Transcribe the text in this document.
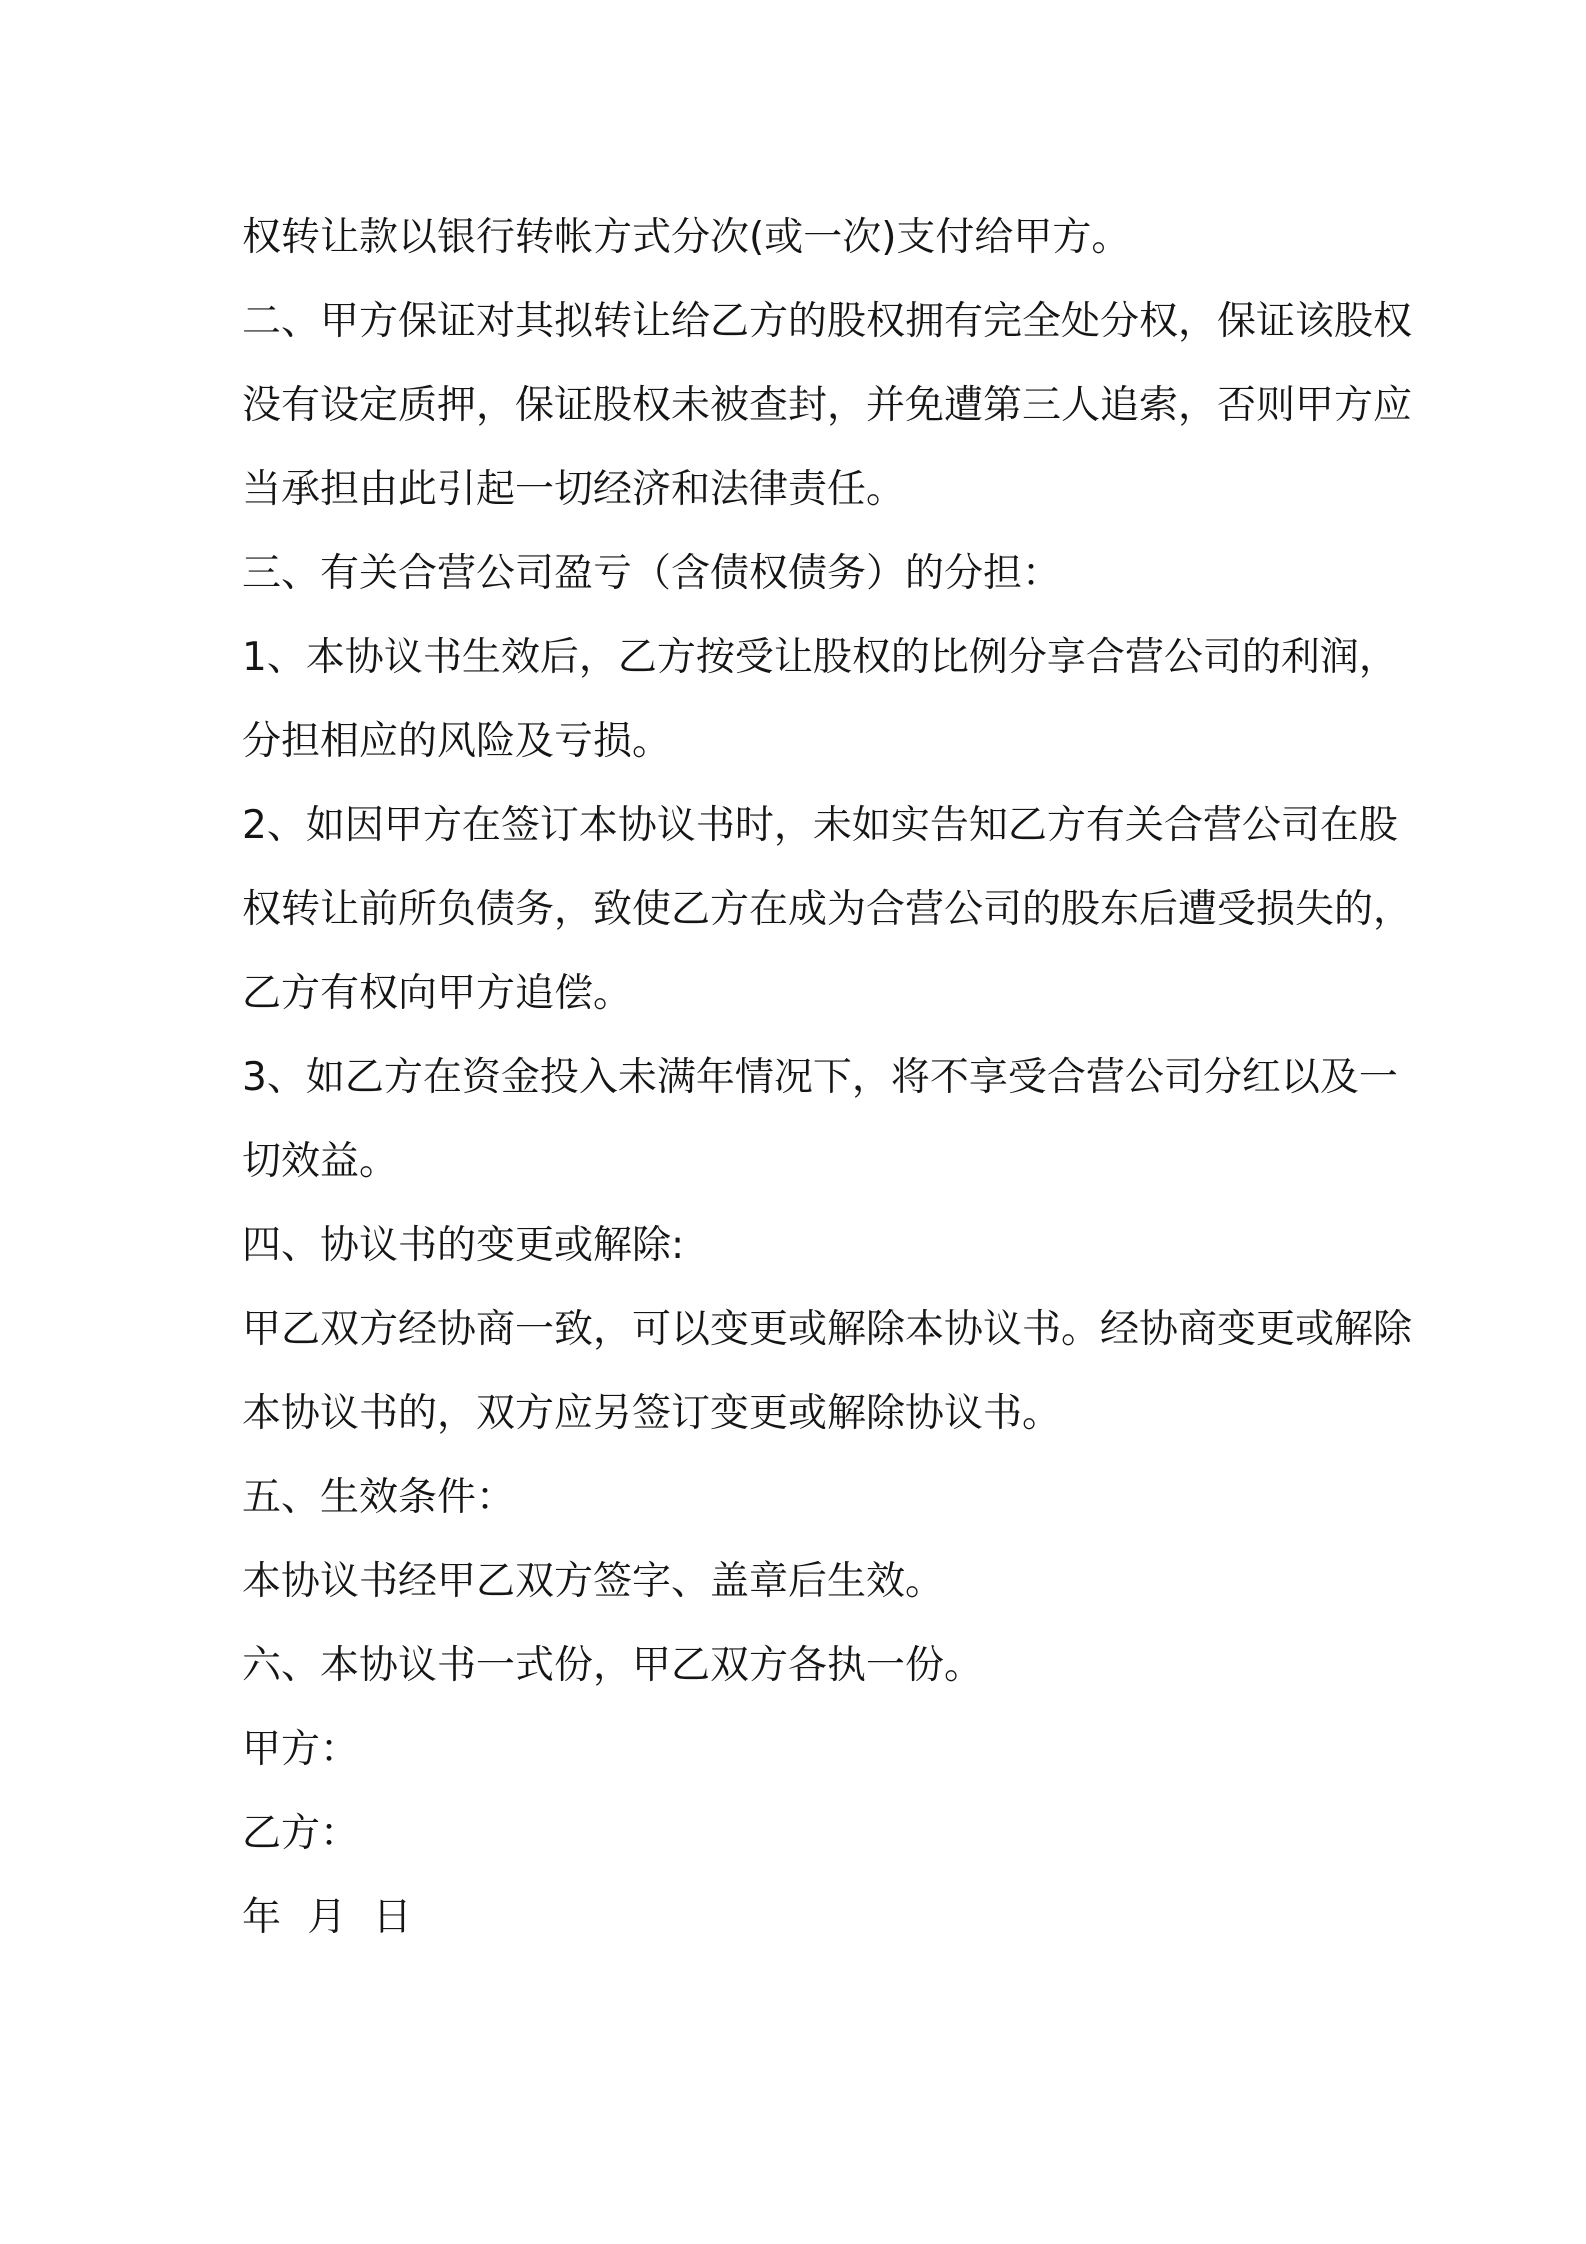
权转让款以银行转帐方式分次(或一次)支付给甲方。
二、甲方保证对其拟转让给乙方的股权拥有完全处分权，保证该股权
没有设定质押，保证股权未被查封，并免遭第三人追索，否则甲方应
当承担由此引起一切经济和法律责任。
三、有关合营公司盈亏（含债权债务）的分担：
1、本协议书生效后，乙方按受让股权的比例分享合营公司的利润，
分担相应的风险及亏损。
2、如因甲方在签订本协议书时，未如实告知乙方有关合营公司在股
权转让前所负债务，致使乙方在成为合营公司的股东后遭受损失的，
乙方有权向甲方追偿。
3、如乙方在资金投入未满年情况下，将不享受合营公司分红以及一
切效益。
四、协议书的变更或解除:
甲乙双方经协商一致，可以变更或解除本协议书。经协商变更或解除
本协议书的，双方应另签订变更或解除协议书。
五、生效条件：
本协议书经甲乙双方签字、盖章后生效。
六、本协议书一式份，甲乙双方各执一份。
甲方：
乙方：
年 月 日
